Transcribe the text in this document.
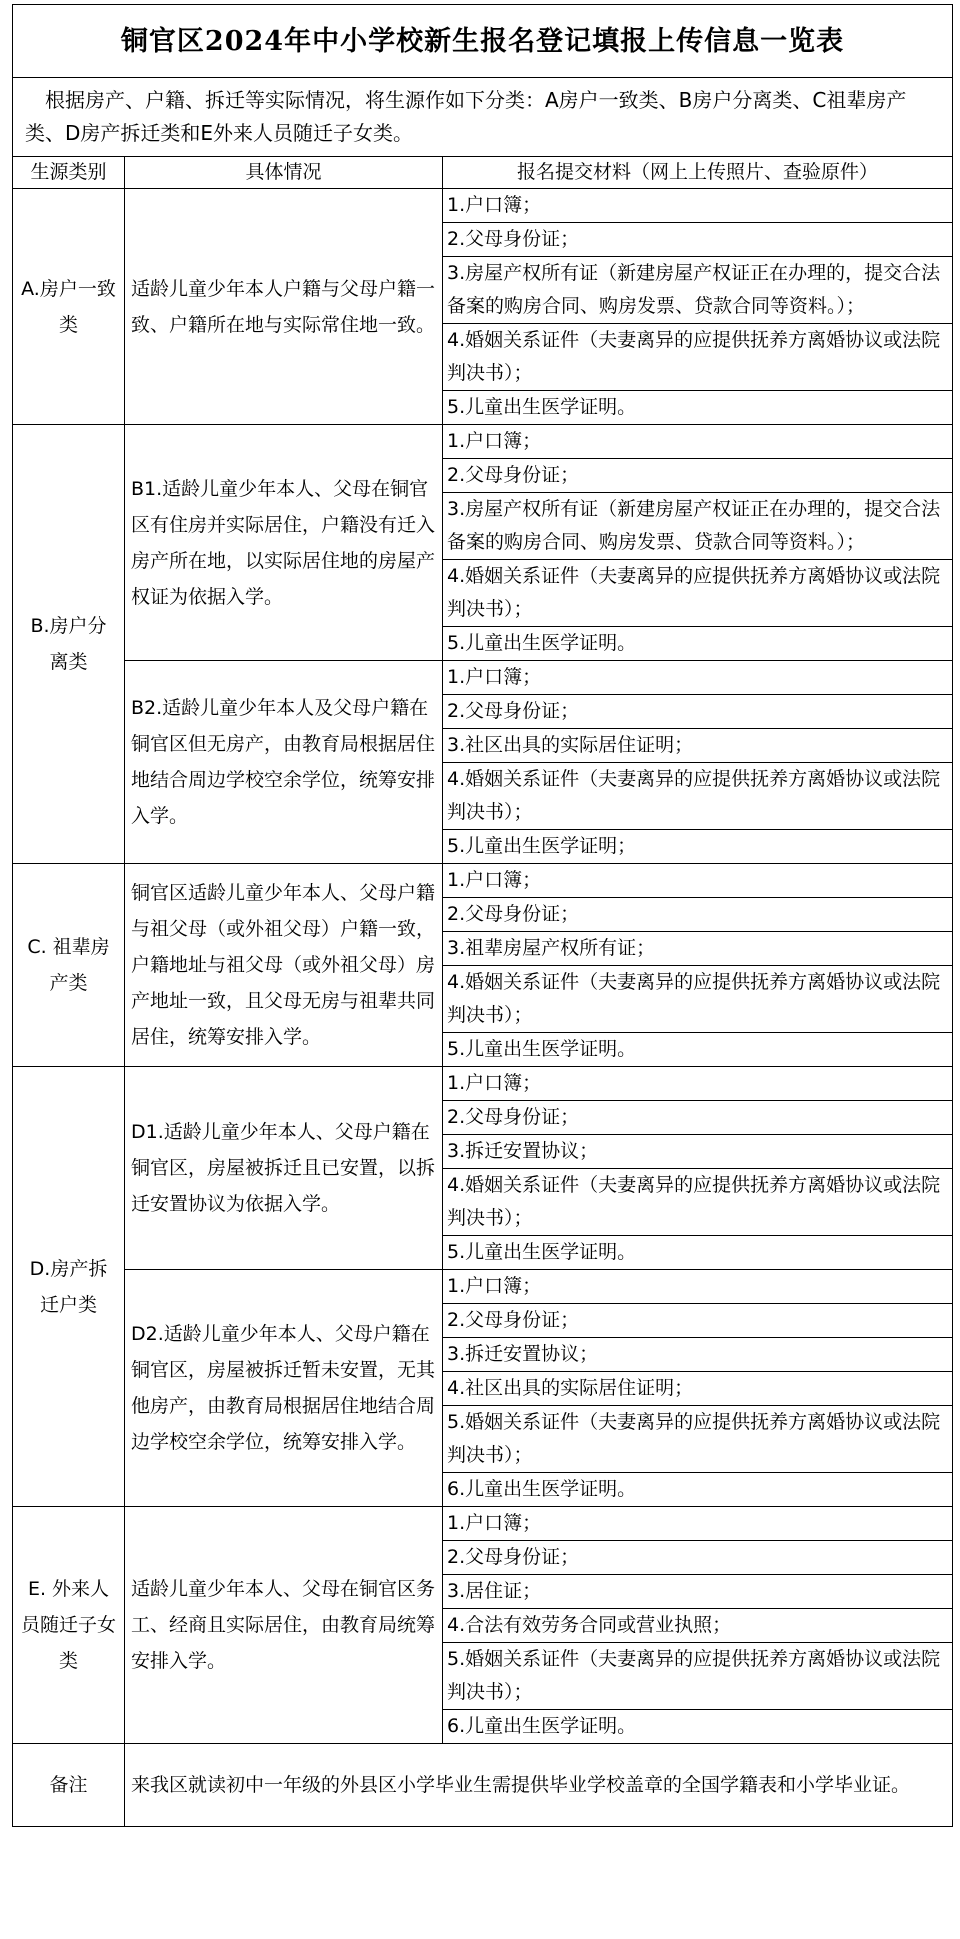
铜官区2024年中小学校新生报名登记填报上传信息一览表		
根据房产、户籍、拆迁等实际情况，将生源作如下分类：A房户一致类、B房户分离类、C祖辈房产类、D房产拆迁类和E外来人员随迁子女类。		
生源类别	具体情况	报名提交材料（网上上传照片、查验原件）
A.房户一致类	适龄儿童少年本人户籍与父母户籍一致、户籍所在地与实际常住地一致。	1.户口簿；
		2.父母身份证；
		3.房屋产权所有证（新建房屋产权证正在办理的，提交合法备案的购房合同、购房发票、贷款合同等资料。）；
		4.婚姻关系证件（夫妻离异的应提供抚养方离婚协议或法院判决书）；
		5.儿童出生医学证明。
B.房户分离类	B1.适龄儿童少年本人、父母在铜官区有住房并实际居住，户籍没有迁入房产所在地，以实际居住地的房屋产权证为依据入学。	1.户口簿；
		2.父母身份证；
		3.房屋产权所有证（新建房屋产权证正在办理的，提交合法备案的购房合同、购房发票、贷款合同等资料。）；
		4.婚姻关系证件（夫妻离异的应提供抚养方离婚协议或法院判决书）；
		5.儿童出生医学证明。
	B2.适龄儿童少年本人及父母户籍在铜官区但无房产，由教育局根据居住地结合周边学校空余学位，统筹安排入学。	1.户口簿；
		2.父母身份证；
		3.社区出具的实际居住证明；
		4.婚姻关系证件（夫妻离异的应提供抚养方离婚协议或法院判决书）；
		5.儿童出生医学证明；
C. 祖辈房产类	铜官区适龄儿童少年本人、父母户籍与祖父母（或外祖父母）户籍一致，户籍地址与祖父母（或外祖父母）房产地址一致，且父母无房与祖辈共同居住，统筹安排入学。	1.户口簿；
		2.父母身份证；
		3.祖辈房屋产权所有证；
		4.婚姻关系证件（夫妻离异的应提供抚养方离婚协议或法院判决书）；
		5.儿童出生医学证明。
D.房产拆迁户类	D1.适龄儿童少年本人、父母户籍在铜官区，房屋被拆迁且已安置，以拆迁安置协议为依据入学。	1.户口簿；
		2.父母身份证；
		3.拆迁安置协议；
		4.婚姻关系证件（夫妻离异的应提供抚养方离婚协议或法院判决书）；
		5.儿童出生医学证明。
	D2.适龄儿童少年本人、父母户籍在铜官区，房屋被拆迁暂未安置，无其他房产，由教育局根据居住地结合周边学校空余学位，统筹安排入学。	1.户口簿；
		2.父母身份证；
		3.拆迁安置协议；
		4.社区出具的实际居住证明；
		5.婚姻关系证件（夫妻离异的应提供抚养方离婚协议或法院判决书）；
		6.儿童出生医学证明。
E. 外来人员随迁子女类	适龄儿童少年本人、父母在铜官区务工、经商且实际居住，由教育局统筹安排入学。	1.户口簿；
		2.父母身份证；
		3.居住证；
		4.合法有效劳务合同或营业执照；
		5.婚姻关系证件（夫妻离异的应提供抚养方离婚协议或法院判决书）；
		6.儿童出生医学证明。
备注	来我区就读初中一年级的外县区小学毕业生需提供毕业学校盖章的全国学籍表和小学毕业证。	
